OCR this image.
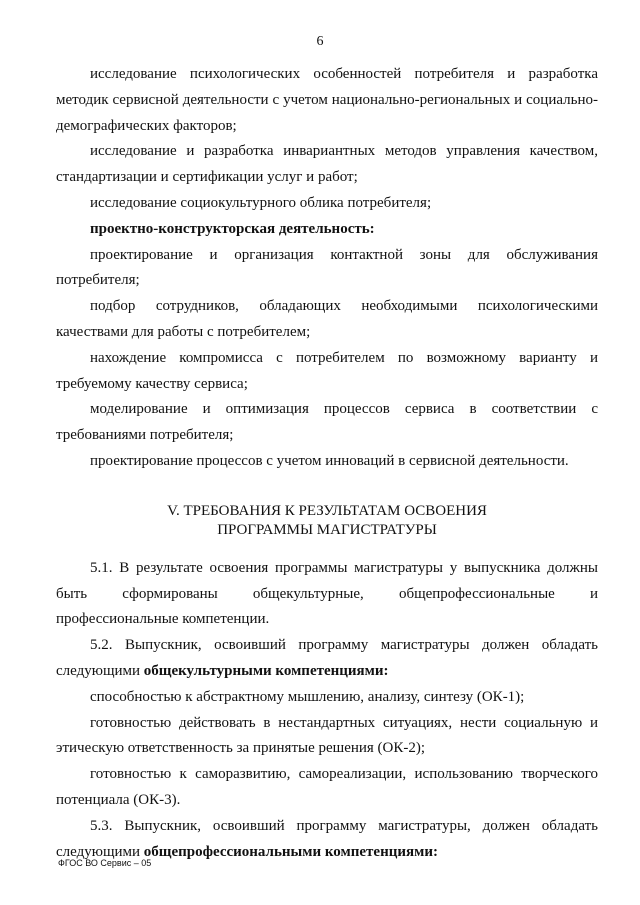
6

исследование психологических особенностей потребителя и разработка методик сервисной деятельности с учетом национально-региональных и социально-демографических факторов;

исследование и разработка инвариантных методов управления качеством, стандартизации и сертификации услуг и работ;

исследование социокультурного облика потребителя;

проектно-конструкторская деятельность:

проектирование и организация контактной зоны для обслуживания потребителя;

подбор сотрудников, обладающих необходимыми психологическими качествами для работы с потребителем;

нахождение компромисса с потребителем по возможному варианту и требуемому качеству сервиса;

моделирование и оптимизация процессов сервиса в соответствии с требованиями потребителя;

проектирование процессов с учетом инноваций в сервисной деятельности.

V. ТРЕБОВАНИЯ К РЕЗУЛЬТАТАМ ОСВОЕНИЯ

ПРОГРАММЫ МАГИСТРАТУРЫ

5.1. В результате освоения программы магистратуры у выпускника должны быть сформированы общекультурные, общепрофессиональные и профессиональные компетенции.

5.2. Выпускник, освоивший программу магистратуры должен обладать следующими общекультурными компетенциями:

способностью к абстрактному мышлению, анализу, синтезу (ОК-1);

готовностью действовать в нестандартных ситуациях, нести социальную и этическую ответственность за принятые решения (ОК-2);

готовностью к саморазвитию, самореализации, использованию творческого потенциала (ОК-3).

5.3. Выпускник, освоивший программу магистратуры, должен обладать следующими общепрофессиональными компетенциями:

ФГОС ВО Сервис – 05
